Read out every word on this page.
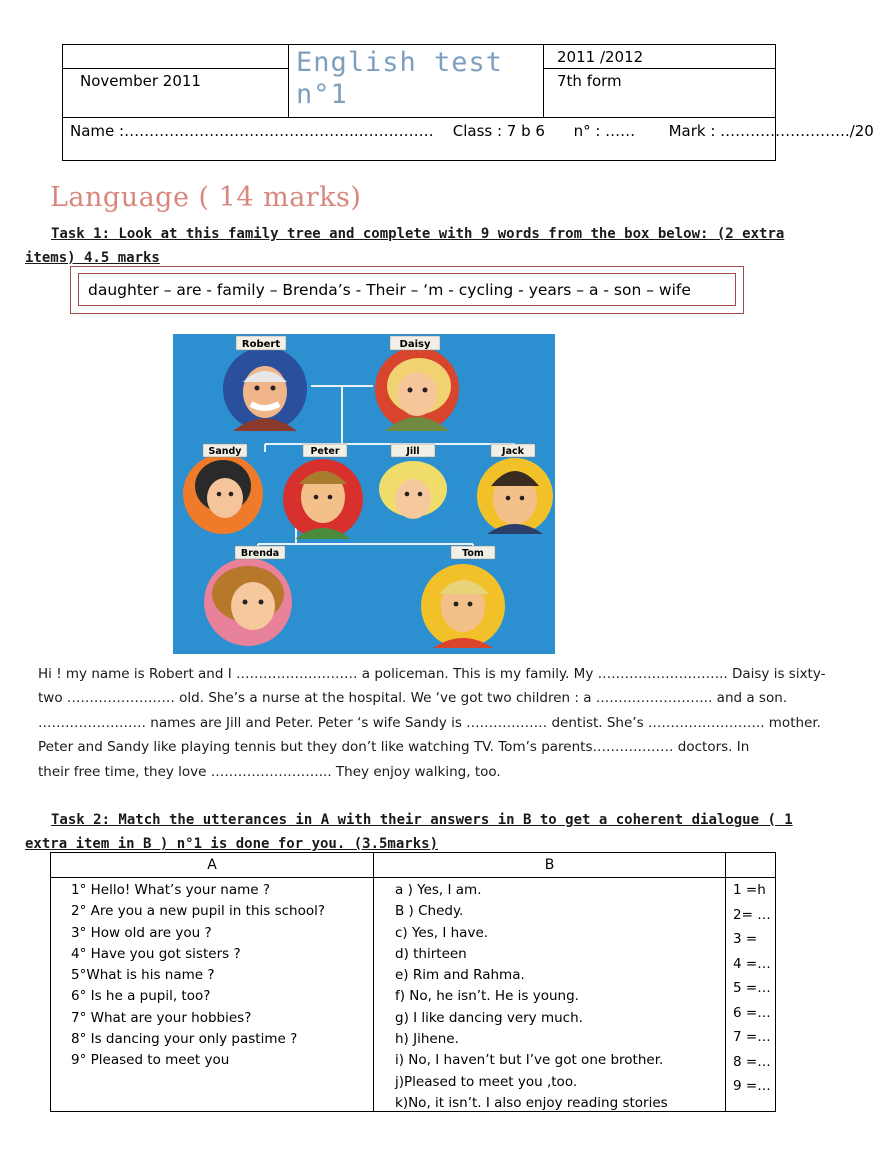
November 2011
English test n°1
2011 /2012
7th form
Name :………………………………………..…………… Class : 7 b 6 n° : …… Mark : ……………………../20
Language ( 14 marks)
Task 1: Look at this family tree and complete with 9 words from the box below: (2 extra items) 4.5 marks
daughter – are - family – Brenda’s - Their – ‘m - cycling - years – a - son – wife
Robert	Daisy
Sandy	Peter	Jill	Jack
Brenda	Tom
Hi ! my name is Robert and I ……………………… a policeman. This is my family. My ……………………….. Daisy is sixty-
two …………………… old. She’s a nurse at the hospital. We ‘ve got two children : a …………………….. and a son.
…………………… names are Jill and Peter. Peter ‘s wife Sandy is ……………… dentist. She’s …………………….. mother.
Peter and Sandy like playing tennis but they don’t like watching TV. Tom’s parents……………… doctors. In
their free time, they love ……………………... They enjoy walking, too.
Task 2: Match the utterances in A with their answers in B to get a coherent dialogue ( 1 extra item in B ) n°1 is done for you. (3.5marks)
A	B
1° Hello! What’s your name ?
2° Are you a new pupil in this school?
3° How old are you ?
4° Have you got sisters ?
5°What is his name ?
6° Is he a pupil, too?
7° What are your hobbies?
8° Is dancing your only pastime ?
9° Pleased to meet you
a ) Yes, I am.
B ) Chedy.
c) Yes, I have.
d) thirteen
e) Rim and Rahma.
f) No, he isn’t. He is young.
g) I like dancing very much.
h) Jihene.
i) No, I haven’t but I’ve got one brother.
j)Pleased to meet you ,too.
k)No, it isn’t. I also enjoy reading stories
1 =h
2= …
3 =
4 =…
5 =…
6 =…
7 =…
8 =…
9 =…
